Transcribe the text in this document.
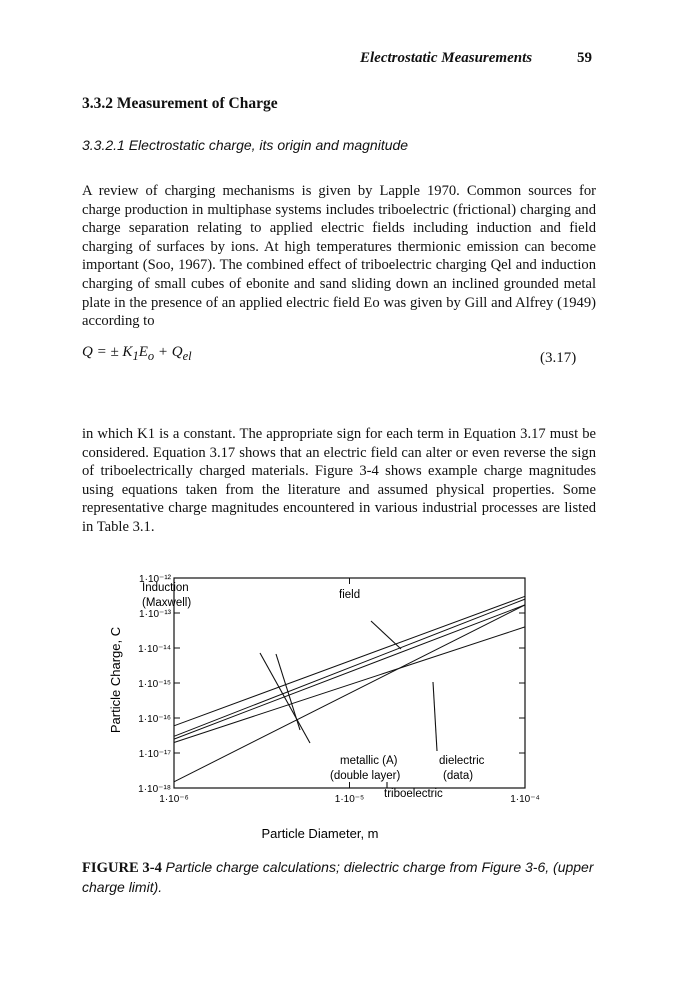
Electrostatic Measurements	59
3.3.2 Measurement of Charge
3.3.2.1 Electrostatic charge, its origin and magnitude

A review of charging mechanisms is given by Lapple 1970. Common sources for charge production in multiphase systems includes triboelectric (frictional) charging and charge separation relating to applied electric fields including induction and field charging of surfaces by ions. At high temperatures thermionic emission can become important (Soo, 1967). The combined effect of triboelectric charging Qel and induction charging of small cubes of ebonite and sand sliding down an inclined grounded metal plate in the presence of an applied electric field Eo was given by Gill and Alfrey (1949) according to

Q = ± $K_1E_o + Q_{el}$	(3.17)

in which K1 is a constant. The appropriate sign for each term in Equation 3.17 must be considered. Equation 3.17 shows that an electric field can alter or even reverse the sign of triboelectrically charged materials. Figure 3-4 shows example charge magnitudes using equations taken from the literature and assumed physical properties. Some representative charge magnitudes encountered in various industrial processes are listed in Table 3.1.

1·10⁻¹²
1·10⁻¹³
1·10⁻¹⁴
1·10⁻¹⁵
1·10⁻¹⁶
1·10⁻¹⁷
1·10⁻¹⁸
1·10⁻⁶	1·10⁻⁵	1·10⁻⁴
Induction
(Maxwell)
field
metallic (A)
(double layer)
dielectric
(data)
triboelectric
Particle Diameter, m
Particle Charge, C
FIGURE 3-4 Particle charge calculations; dielectric charge from Figure 3-6, (upper charge limit).
